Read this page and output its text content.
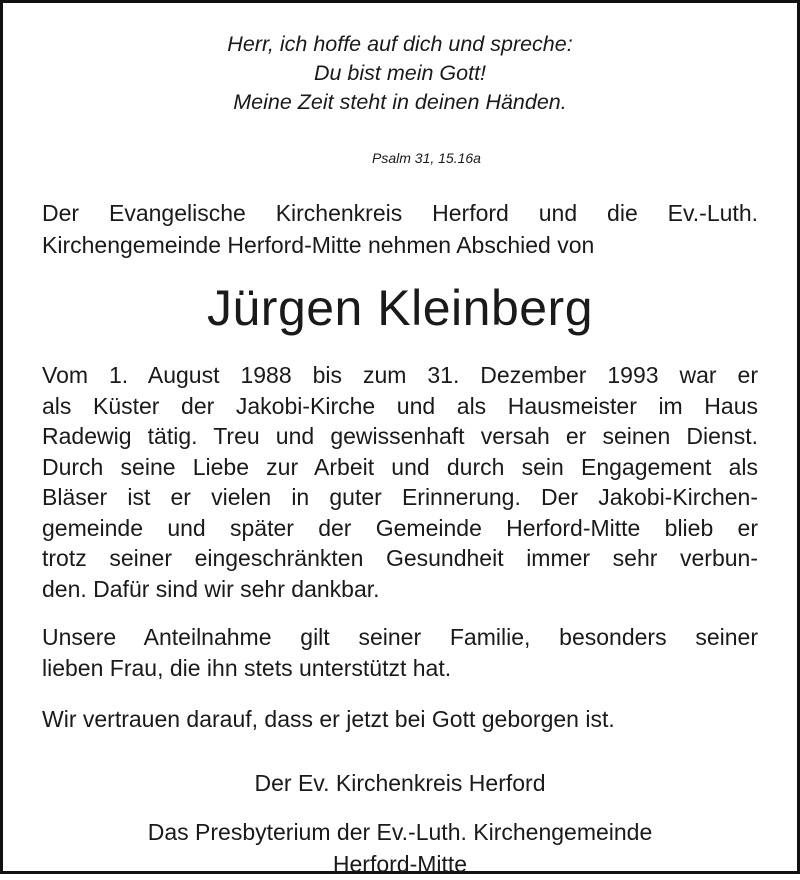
Herr, ich hoffe auf dich und spreche:

Du bist mein Gott!

Meine Zeit steht in deinen Händen.

Psalm 31, 15.16a
Der Evangelische Kirchenkreis Herford und die Ev.-Luth.
Kirchengemeinde Herford-Mitte nehmen Abschied von
Jürgen Kleinberg
Vom 1. August 1988 bis zum 31. Dezember 1993 war er
als Küster der Jakobi-Kirche und als Hausmeister im Haus
Radewig tätig. Treu und gewissenhaft versah er seinen Dienst.
Durch seine Liebe zur Arbeit und durch sein Engagement als
Bläser ist er vielen in guter Erinnerung. Der Jakobi-Kirchen-
gemeinde und später der Gemeinde Herford-Mitte blieb er
trotz seiner eingeschränkten Gesundheit immer sehr verbun-
den. Dafür sind wir sehr dankbar.
Unsere Anteilnahme gilt seiner Familie, besonders seiner
lieben Frau, die ihn stets unterstützt hat.
Wir vertrauen darauf, dass er jetzt bei Gott geborgen ist.
Der Ev. Kirchenkreis Herford
Das Presbyterium der Ev.-Luth. Kirchengemeinde
Herford-Mitte
